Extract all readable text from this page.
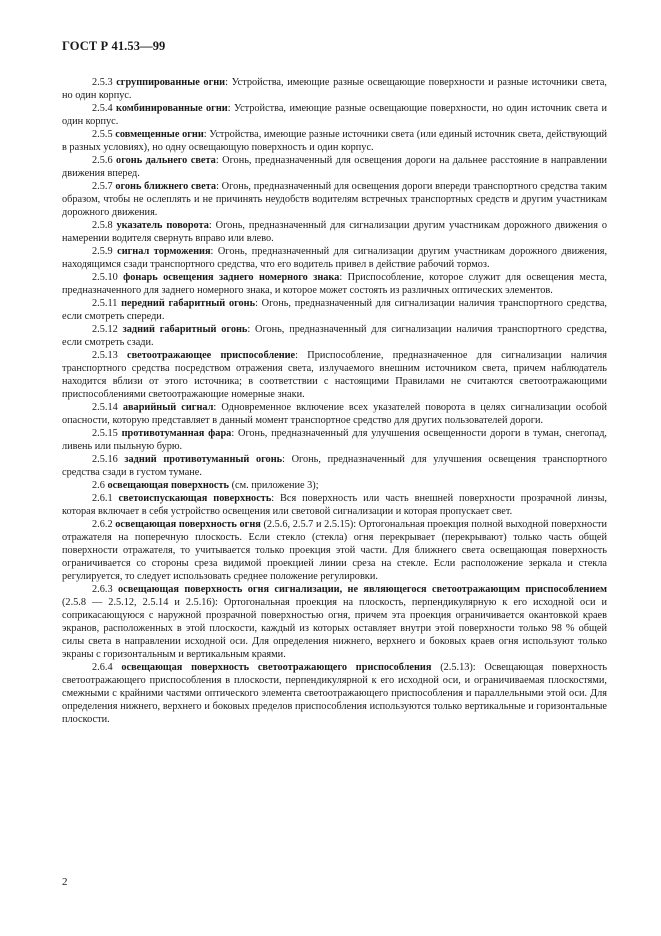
ГОСТ Р 41.53—99

2.5.3 сгруппированные огни: Устройства, имеющие разные освещающие поверхности и разные источники света, но один корпус.

2.5.4 комбинированные огни: Устройства, имеющие разные освещающие поверхности, но один источник света и один корпус.

2.5.5 совмещенные огни: Устройства, имеющие разные источники света (или единый источник света, действующий в разных условиях), но одну освещающую поверхность и один корпус.

2.5.6 огонь дальнего света: Огонь, предназначенный для освещения дороги на дальнее расстояние в направлении движения вперед.

2.5.7 огонь ближнего света: Огонь, предназначенный для освещения дороги впереди транспортного средства таким образом, чтобы не ослеплять и не причинять неудобств водителям встречных транспортных средств и другим участникам дорожного движения.

2.5.8 указатель поворота: Огонь, предназначенный для сигнализации другим участникам дорожного движения о намерении водителя свернуть вправо или влево.

2.5.9 сигнал торможения: Огонь, предназначенный для сигнализации другим участникам дорожного движения, находящимся сзади транспортного средства, что его водитель привел в действие рабочий тормоз.

2.5.10 фонарь освещения заднего номерного знака: Приспособление, которое служит для освещения места, предназначенного для заднего номерного знака, и которое может состоять из различных оптических элементов.

2.5.11 передний габаритный огонь: Огонь, предназначенный для сигнализации наличия транспортного средства, если смотреть спереди.

2.5.12 задний габаритный огонь: Огонь, предназначенный для сигнализации наличия транспортного средства, если смотреть сзади.

2.5.13 светоотражающее приспособление: Приспособление, предназначенное для сигнализации наличия транспортного средства посредством отражения света, излучаемого внешним источником света, причем наблюдатель находится вблизи от этого источника; в соответствии с настоящими Правилами не считаются светоотражающими приспособлениями светоотражающие номерные знаки.

2.5.14 аварийный сигнал: Одновременное включение всех указателей поворота в целях сигнализации особой опасности, которую представляет в данный момент транспортное средство для других пользователей дороги.

2.5.15 противотуманная фара: Огонь, предназначенный для улучшения освещенности дороги в туман, снегопад, ливень или пыльную бурю.

2.5.16 задний противотуманный огонь: Огонь, предназначенный для улучшения освещения транспортного средства сзади в густом тумане.

2.6 освещающая поверхность (см. приложение 3);

2.6.1 светоиспускающая поверхность: Вся поверхность или часть внешней поверхности прозрачной линзы, которая включает в себя устройство освещения или световой сигнализации и которая пропускает свет.

2.6.2 освещающая поверхность огня (2.5.6, 2.5.7 и 2.5.15): Ортогональная проекция полной выходной поверхности отражателя на поперечную плоскость. Если стекло (стекла) огня перекрывает (перекрывают) только часть общей поверхности отражателя, то учитывается только проекция этой части. Для ближнего света освещающая поверхность ограничивается со стороны среза видимой проекцией линии среза на стекле. Если расположение зеркала и стекла регулируется, то следует использовать среднее положение регулировки.

2.6.3 освещающая поверхность огня сигнализации, не являющегося светоотражающим приспособлением (2.5.8 — 2.5.12, 2.5.14 и 2.5.16): Ортогональная проекция на плоскость, перпендикулярную к его исходной оси и соприкасающуюся с наружной прозрачной поверхностью огня, причем эта проекция ограничивается окантовкой краев экранов, расположенных в этой плоскости, каждый из которых оставляет внутри этой поверхности только 98 % общей силы света в направлении исходной оси. Для определения нижнего, верхнего и боковых краев огня используют только экраны с горизонтальным и вертикальным краями.

2.6.4 освещающая поверхность светоотражающего приспособления (2.5.13): Освещающая поверхность светоотражающего приспособления в плоскости, перпендикулярной к его исходной оси, и ограничиваемая плоскостями, смежными с крайними частями оптического элемента светоотражающего приспособления и параллельными этой оси. Для определения нижнего, верхнего и боковых пределов приспособления используются только вертикальные и горизонтальные плоскости.

2
